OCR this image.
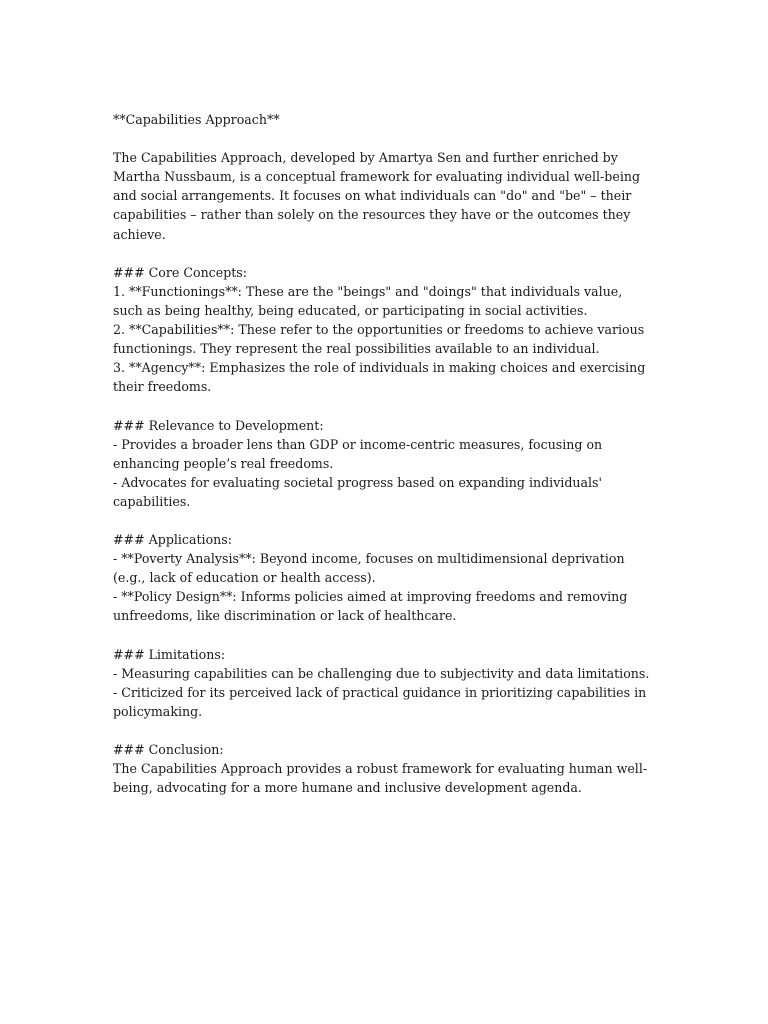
**Capabilities Approach**

The Capabilities Approach, developed by Amartya Sen and further enriched by Martha Nussbaum, is a conceptual framework for evaluating individual well-being and social arrangements. It focuses on what individuals can "do" and "be" – their capabilities – rather than solely on the resources they have or the outcomes they achieve.

### Core Concepts:

1. **Functionings**: These are the "beings" and "doings" that individuals value, such as being healthy, being educated, or participating in social activities.

2. **Capabilities**: These refer to the opportunities or freedoms to achieve various functionings. They represent the real possibilities available to an individual.

3. **Agency**: Emphasizes the role of individuals in making choices and exercising their freedoms.

### Relevance to Development:

- Provides a broader lens than GDP or income-centric measures, focusing on enhancing people’s real freedoms.

- Advocates for evaluating societal progress based on expanding individuals' capabilities.

### Applications:

- **Poverty Analysis**: Beyond income, focuses on multidimensional deprivation (e.g., lack of education or health access).

- **Policy Design**: Informs policies aimed at improving freedoms and removing unfreedoms, like discrimination or lack of healthcare.

### Limitations:

- Measuring capabilities can be challenging due to subjectivity and data limitations.

- Criticized for its perceived lack of practical guidance in prioritizing capabilities in policymaking.

### Conclusion:

The Capabilities Approach provides a robust framework for evaluating human well-being, advocating for a more humane and inclusive development agenda.
